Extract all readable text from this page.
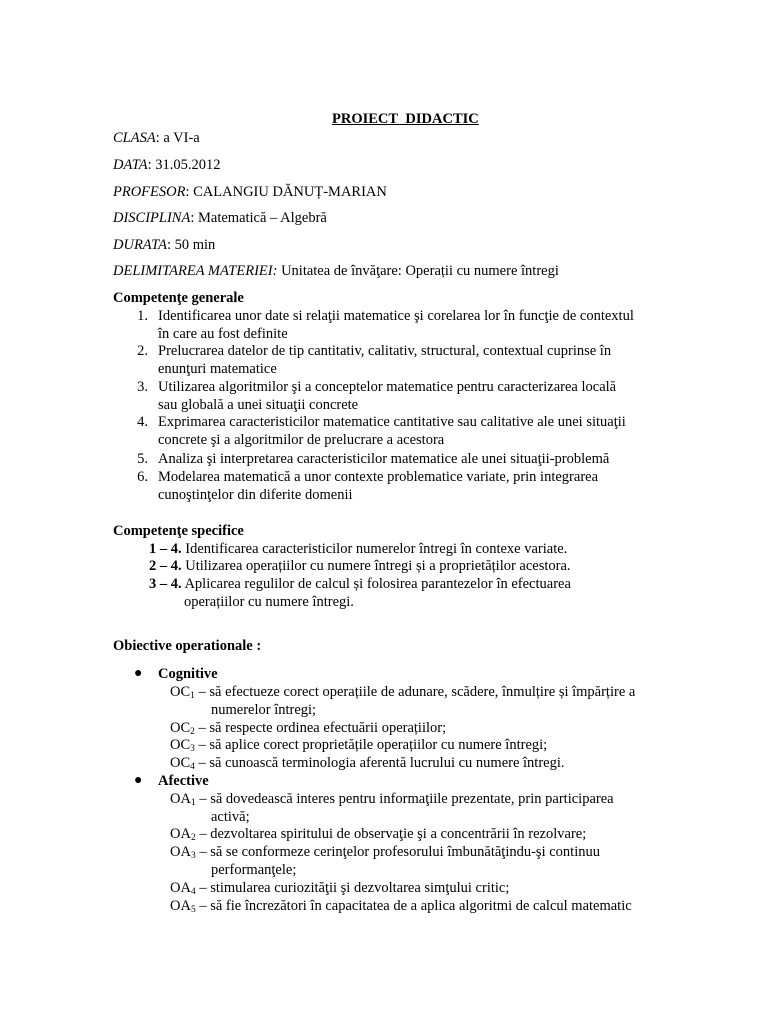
PROIECT DIDACTIC
CLASA: a VI-a
DATA: 31.05.2012
PROFESOR: CALANGIU DĂNUȚ-MARIAN
DISCIPLINA: Matematică – Algebră
DURATA: 50 min
DELIMITAREA MATERIEI: Unitatea de învăţare: Operații cu numere întregi
Competenţe generale
1. Identificarea unor date si relaţii matematice şi corelarea lor în funcţie de contextul
în care au fost definite
2. Prelucrarea datelor de tip cantitativ, calitativ, structural, contextual cuprinse în
enunţuri matematice
3. Utilizarea algoritmilor şi a conceptelor matematice pentru caracterizarea locală
sau globală a unei situaţii concrete
4. Exprimarea caracteristicilor matematice cantitative sau calitative ale unei situaţii
concrete şi a algoritmilor de prelucrare a acestora
5. Analiza şi interpretarea caracteristicilor matematice ale unei situaţii-problemă
6. Modelarea matematică a unor contexte problematice variate, prin integrarea
cunoştinţelor din diferite domenii
Competenţe specifice
1 – 4. Identificarea caracteristicilor numerelor întregi în contexe variate.
2 – 4. Utilizarea operațiilor cu numere întregi și a proprietăților acestora.
3 – 4. Aplicarea regulilor de calcul și folosirea parantezelor în efectuarea
operațiilor cu numere întregi.
Obiective operationale :
● Cognitive
$OC_1$ – să efectueze corect operațiile de adunare, scădere, înmulțire și împărțire a
numerelor întregi;
$OC_2$ – să respecte ordinea efectuării operațiilor;
$OC_3$ – să aplice corect proprietățile operațiilor cu numere întregi;
$OC_4$ – să cunoască terminologia aferentă lucrului cu numere întregi.
● Afective
$OA_1$ – să dovedească interes pentru informaţiile prezentate, prin participarea
activă;
$OA_2$ – dezvoltarea spiritului de observaţie şi a concentrării în rezolvare;
$OA_3$ – să se conformeze cerinţelor profesorului îmbunătăţindu-şi continuu
performanţele;
$OA_4$ – stimularea curiozităţii şi dezvoltarea simţului critic;
$OA_5$ – să fie încrezători în capacitatea de a aplica algoritmi de calcul matematic
